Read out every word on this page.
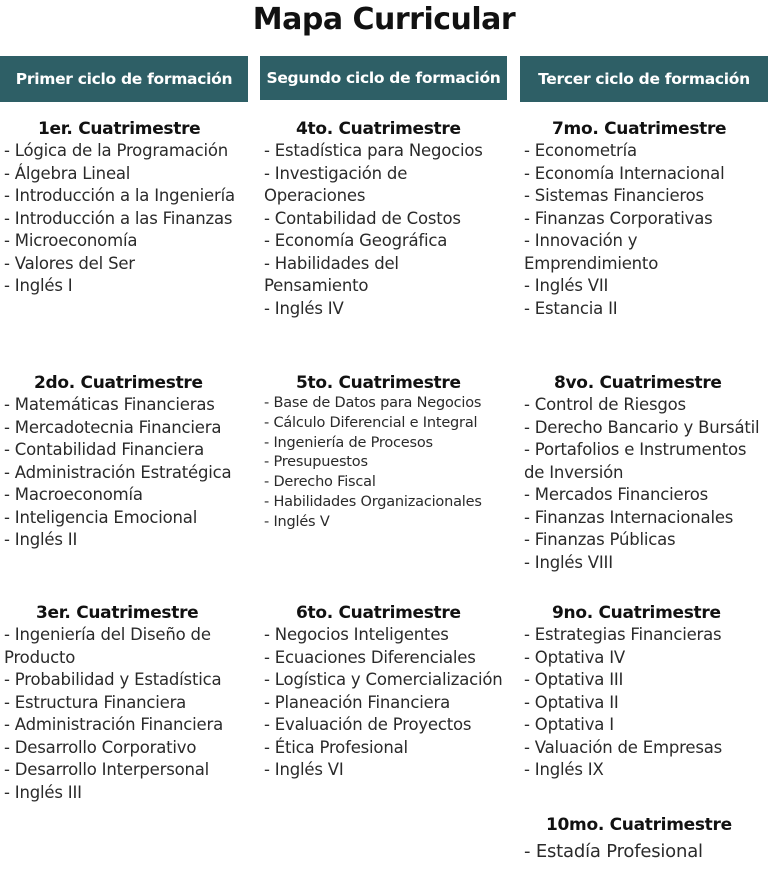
Mapa Curricular
Primer ciclo de formación	Segundo ciclo de formación	Tercer ciclo de formación
1er. Cuatrimestre
- Lógica de la Programación
- Álgebra Lineal
- Introducción a la Ingeniería
- Introducción a las Finanzas
- Microeconomía
- Valores del Ser
- Inglés I
2do. Cuatrimestre
- Matemáticas Financieras
- Mercadotecnia Financiera
- Contabilidad Financiera
- Administración Estratégica
- Macroeconomía
- Inteligencia Emocional
- Inglés II
3er. Cuatrimestre
- Ingeniería del Diseño de Producto
- Probabilidad y Estadística
- Estructura Financiera
- Administración Financiera
- Desarrollo Corporativo
- Desarrollo Interpersonal
- Inglés III
4to. Cuatrimestre
- Estadística para Negocios
- Investigación de Operaciones
- Contabilidad de Costos
- Economía Geográfica
- Habilidades del Pensamiento
- Inglés IV
5to. Cuatrimestre
- Base de Datos para Negocios
- Cálculo Diferencial e Integral
- Ingeniería de Procesos
- Presupuestos
- Derecho Fiscal
- Habilidades Organizacionales
- Inglés V
6to. Cuatrimestre
- Negocios Inteligentes
- Ecuaciones Diferenciales
- Logística y Comercialización
- Planeación Financiera
- Evaluación de Proyectos
- Ética Profesional
- Inglés VI
7mo. Cuatrimestre
- Econometría
- Economía Internacional
- Sistemas Financieros
- Finanzas Corporativas
- Innovación y Emprendimiento
- Inglés VII
- Estancia II
8vo. Cuatrimestre
- Control de Riesgos
- Derecho Bancario y Bursátil
- Portafolios e Instrumentos de Inversión
- Mercados Financieros
- Finanzas Internacionales
- Finanzas Públicas
- Inglés VIII
9no. Cuatrimestre
- Estrategias Financieras
- Optativa IV
- Optativa III
- Optativa II
- Optativa I
- Valuación de Empresas
- Inglés IX
10mo. Cuatrimestre
- Estadía Profesional
